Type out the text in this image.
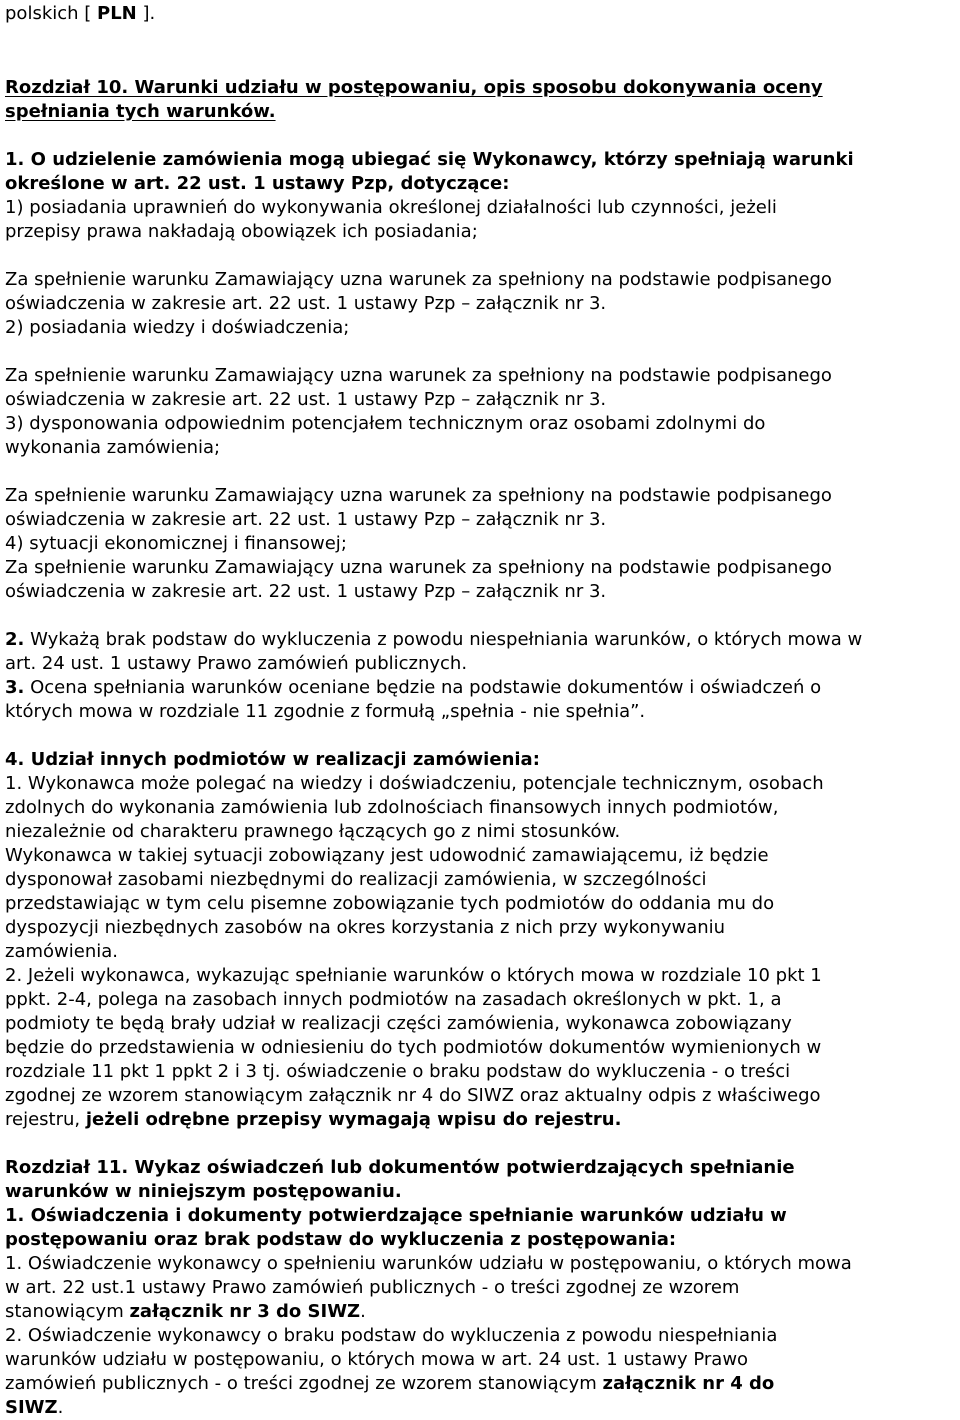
polskich [ PLN ].
Rozdział 10. Warunki udziału w postępowaniu, opis sposobu dokonywania oceny
spełniania tych warunków.
1. O udzielenie zamówienia mogą ubiegać się Wykonawcy, którzy spełniają warunki
określone w art. 22 ust. 1 ustawy Pzp, dotyczące:
1) posiadania uprawnień do wykonywania określonej działalności lub czynności, jeżeli
przepisy prawa nakładają obowiązek ich posiadania;
Za spełnienie warunku Zamawiający uzna warunek za spełniony na podstawie podpisanego
oświadczenia w zakresie art. 22 ust. 1 ustawy Pzp – załącznik nr 3.
2) posiadania wiedzy i doświadczenia;
Za spełnienie warunku Zamawiający uzna warunek za spełniony na podstawie podpisanego
oświadczenia w zakresie art. 22 ust. 1 ustawy Pzp – załącznik nr 3.
3) dysponowania odpowiednim potencjałem technicznym oraz osobami zdolnymi do
wykonania zamówienia;
Za spełnienie warunku Zamawiający uzna warunek za spełniony na podstawie podpisanego
oświadczenia w zakresie art. 22 ust. 1 ustawy Pzp – załącznik nr 3.
4) sytuacji ekonomicznej i finansowej;
Za spełnienie warunku Zamawiający uzna warunek za spełniony na podstawie podpisanego
oświadczenia w zakresie art. 22 ust. 1 ustawy Pzp – załącznik nr 3.
2. Wykażą brak podstaw do wykluczenia z powodu niespełniania warunków, o których mowa w
art. 24 ust. 1 ustawy Prawo zamówień publicznych.
3. Ocena spełniania warunków oceniane będzie na podstawie dokumentów i oświadczeń o
których mowa w rozdziale 11 zgodnie z formułą „spełnia - nie spełnia”.
4. Udział innych podmiotów w realizacji zamówienia:
1. Wykonawca może polegać na wiedzy i doświadczeniu, potencjale technicznym, osobach
zdolnych do wykonania zamówienia lub zdolnościach finansowych innych podmiotów,
niezależnie od charakteru prawnego łączących go z nimi stosunków.
Wykonawca w takiej sytuacji zobowiązany jest udowodnić zamawiającemu, iż będzie
dysponował zasobami niezbędnymi do realizacji zamówienia, w szczególności
przedstawiając w tym celu pisemne zobowiązanie tych podmiotów do oddania mu do
dyspozycji niezbędnych zasobów na okres korzystania z nich przy wykonywaniu
zamówienia.
2. Jeżeli wykonawca, wykazując spełnianie warunków o których mowa w rozdziale 10 pkt 1
ppkt. 2-4, polega na zasobach innych podmiotów na zasadach określonych w pkt. 1, a
podmioty te będą brały udział w realizacji części zamówienia, wykonawca zobowiązany
będzie do przedstawienia w odniesieniu do tych podmiotów dokumentów wymienionych w
rozdziale 11 pkt 1 ppkt 2 i 3 tj. oświadczenie o braku podstaw do wykluczenia - o treści
zgodnej ze wzorem stanowiącym załącznik nr 4 do SIWZ oraz aktualny odpis z właściwego
rejestru, jeżeli odrębne przepisy wymagają wpisu do rejestru.
Rozdział 11. Wykaz oświadczeń lub dokumentów potwierdzających spełnianie
warunków w niniejszym postępowaniu.
1. Oświadczenia i dokumenty potwierdzające spełnianie warunków udziału w
postępowaniu oraz brak podstaw do wykluczenia z postępowania:
1. Oświadczenie wykonawcy o spełnieniu warunków udziału w postępowaniu, o których mowa
w art. 22 ust.1 ustawy Prawo zamówień publicznych - o treści zgodnej ze wzorem
stanowiącym załącznik nr 3 do SIWZ.
2. Oświadczenie wykonawcy o braku podstaw do wykluczenia z powodu niespełniania
warunków udziału w postępowaniu, o których mowa w art. 24 ust. 1 ustawy Prawo
zamówień publicznych - o treści zgodnej ze wzorem stanowiącym załącznik nr 4 do
SIWZ.
